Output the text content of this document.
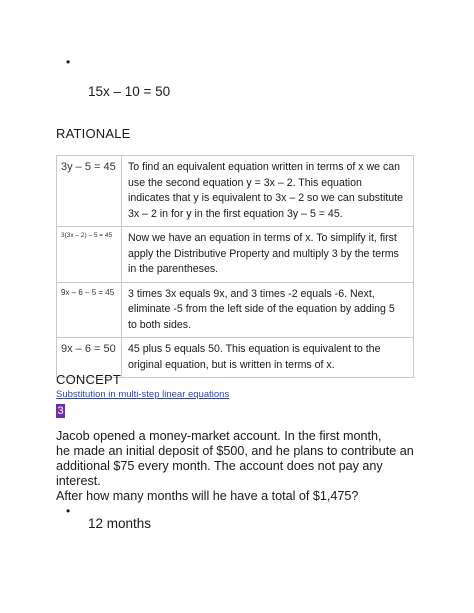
•
15x – 10 = 50
RATIONALE
3y – 5 = 45	To find an equivalent equation written in terms of x we can use the second equation y = 3x – 2. This equation indicates that y is equivalent to 3x – 2 so we can substitute 3x – 2 in for y in the first equation 3y – 5 = 45.
3(3x – 2) – 5 = 45	Now we have an equation in terms of x. To simplify it, first apply the Distributive Property and multiply 3 by the terms in the parentheses.
9x – 6 – 5 = 45	3 times 3x equals 9x, and 3 times -2 equals -6. Next, eliminate -5 from the left side of the equation by adding 5 to both sides.
9x – 6 = 50	45 plus 5 equals 50. This equation is equivalent to the original equation, but is written in terms of x.
CONCEPT
Substitution in multi-step linear equations
3

Jacob opened a money-market account. In the first month,

he made an initial deposit of $500, and he plans to contribute an additional $75 every month. The account does not pay any interest.

After how many months will he have a total of $1,475?

•
12 months
